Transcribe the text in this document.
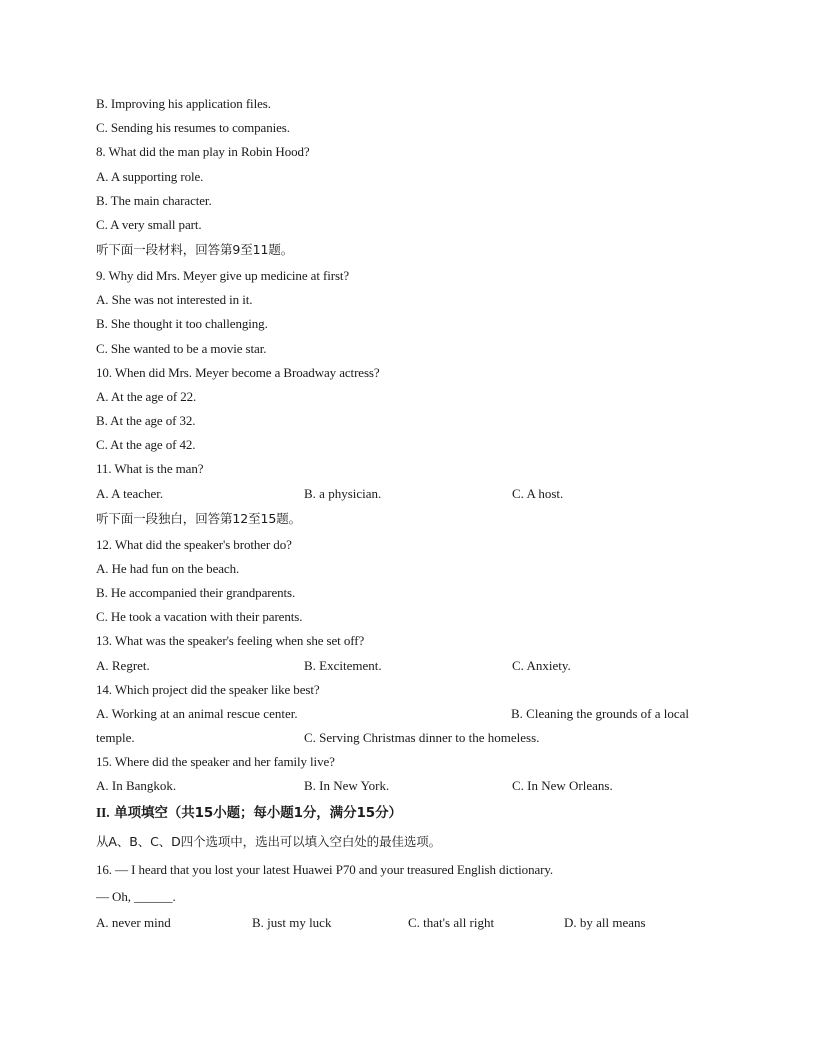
B. Improving his application files.
C. Sending his resumes to companies.
8. What did the man play in Robin Hood?
A. A supporting role.
B. The main character.
C. A very small part.
听下面一段材料，回答第9至11题。
9. Why did Mrs. Meyer give up medicine at first?
A. She was not interested in it.
B. She thought it too challenging.
C. She wanted to be a movie star.
10. When did Mrs. Meyer become a Broadway actress?
A. At the age of 22.
B. At the age of 32.
C. At the age of 42.
11. What is the man?
A. A teacher.	B. a physician.	C. A host.
听下面一段独白，回答第12至15题。
12. What did the speaker's brother do?
A. He had fun on the beach.
B. He accompanied their grandparents.
C. He took a vacation with their parents.
13. What was the speaker's feeling when she set off?
A. Regret.	B. Excitement.	C. Anxiety.
14. Which project did the speaker like best?
A. Working at an animal rescue center.	B. Cleaning the grounds of a local
temple.	C. Serving Christmas dinner to the homeless.
15. Where did the speaker and her family live?
A. In Bangkok.	B. In New York.	C. In New Orleans.
II. 单项填空（共15小题；每小题1分，满分15分）
从A、B、C、D四个选项中，选出可以填入空白处的最佳选项。
16. — I heard that you lost your latest Huawei P70 and your treasured English dictionary.
— Oh, ______.
A. never mind	B. just my luck	C. that's all right	D. by all means
